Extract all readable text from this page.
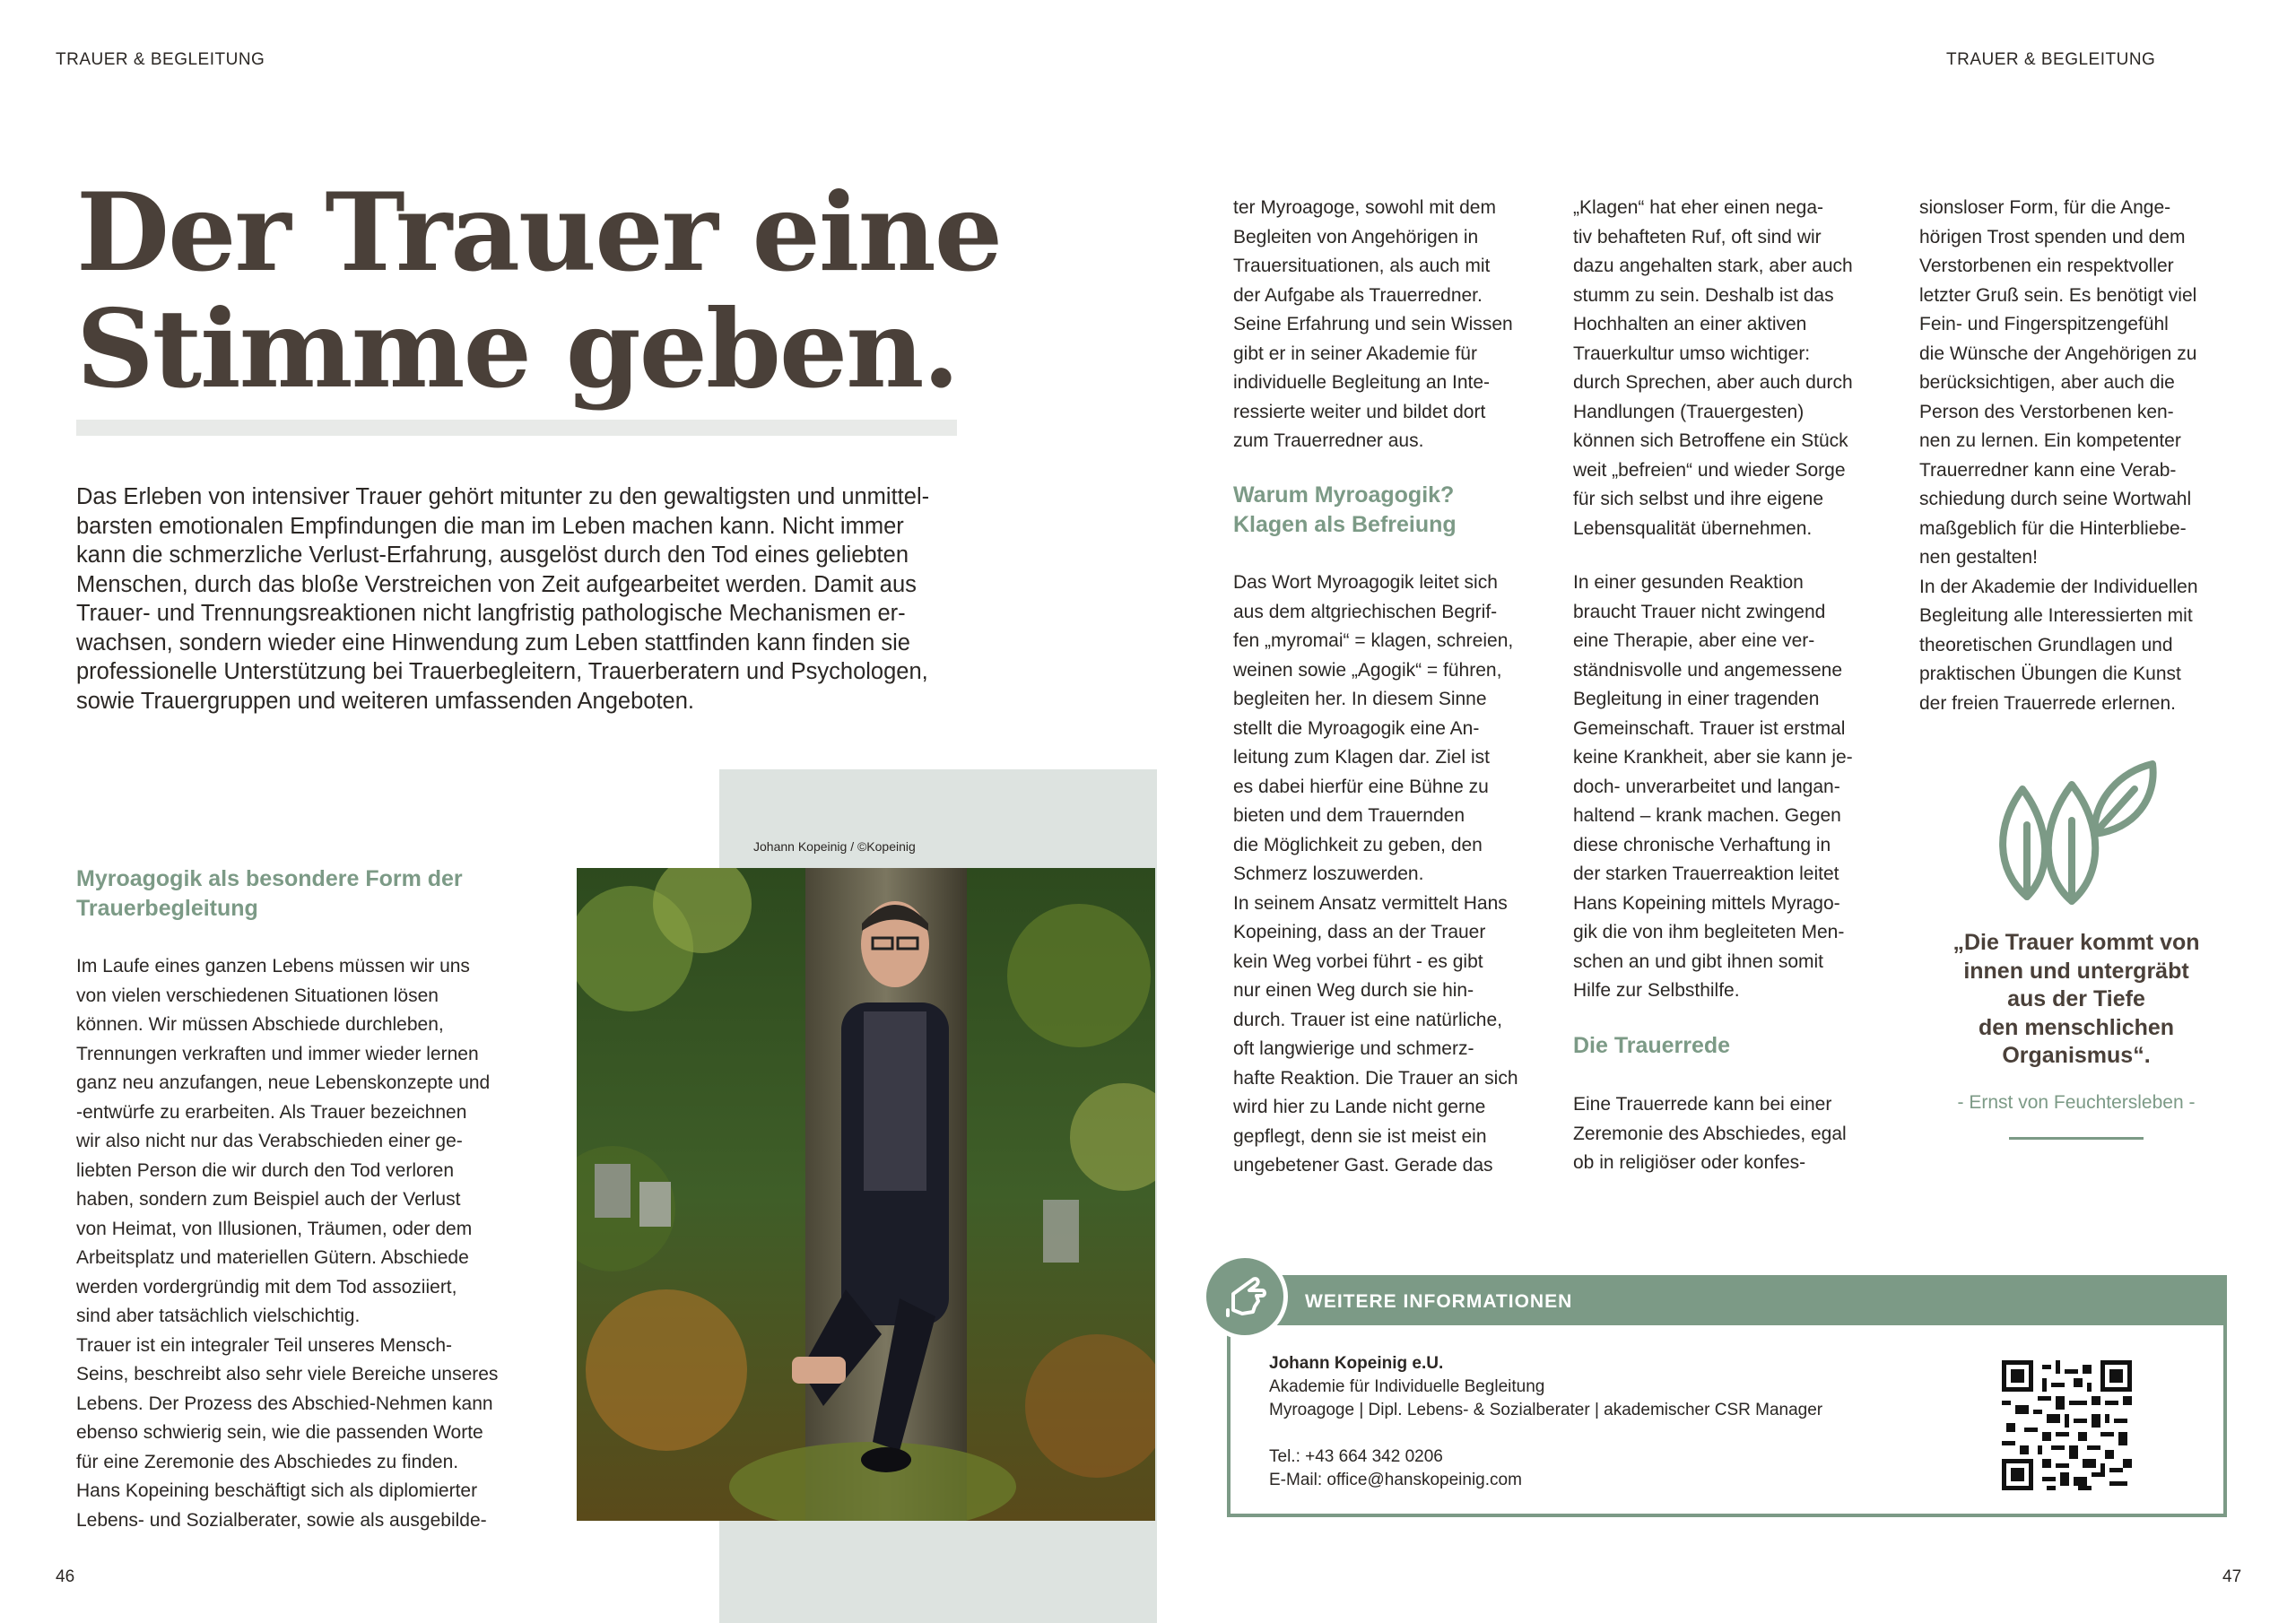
TRAUER & BEGLEITUNG	TRAUER & BEGLEITUNG
Der Trauer eine
Stimme geben.
Das Erleben von intensiver Trauer gehört mitunter zu den gewaltigsten und unmittel-
barsten emotionalen Empfindungen die man im Leben machen kann. Nicht immer
kann die schmerzliche Verlust-Erfahrung, ausgelöst durch den Tod eines geliebten
Menschen, durch das bloße Verstreichen von Zeit aufgearbeitet werden. Damit aus
Trauer- und Trennungsreaktionen nicht langfristig pathologische Mechanismen er-
wachsen, sondern wieder eine Hinwendung zum Leben stattfinden kann finden sie
professionelle Unterstützung bei Trauerbegleitern, Trauerberatern und Psychologen,
sowie Trauergruppen und weiteren umfassenden Angeboten.
Johann Kopeinig / ©Kopeinig
Myroagogik als besondere Form der
Trauerbegleitung

Im Laufe eines ganzen Lebens müssen wir uns

von vielen verschiedenen Situationen lösen

können. Wir müssen Abschiede durchleben,

Trennungen verkraften und immer wieder lernen

ganz neu anzufangen, neue Lebenskonzepte und

-entwürfe zu erarbeiten. Als Trauer bezeichnen

wir also nicht nur das Verabschieden einer ge-

liebten Person die wir durch den Tod verloren

haben, sondern zum Beispiel auch der Verlust

von Heimat, von Illusionen, Träumen, oder dem

Arbeitsplatz und materiellen Gütern. Abschiede

werden vordergründig mit dem Tod assoziiert,

sind aber tatsächlich vielschichtig.

Trauer ist ein integraler Teil unseres Mensch-

Seins, beschreibt also sehr viele Bereiche unseres

Lebens. Der Prozess des Abschied-Nehmen kann

ebenso schwierig sein, wie die passenden Worte

für eine Zeremonie des Abschiedes zu finden.

Hans Kopeining beschäftigt sich als diplomierter

Lebens- und Sozialberater, sowie als ausgebilde-

ter Myroagoge, sowohl mit dem

Begleiten von Angehörigen in

Trauersituationen, als auch mit

der Aufgabe als Trauerredner.

Seine Erfahrung und sein Wissen

gibt er in seiner Akademie für

individuelle Begleitung an Inte-

ressierte weiter und bildet dort

zum Trauerredner aus.

Warum Myroagogik?
Klagen als Befreiung

Das Wort Myroagogik leitet sich

aus dem altgriechischen Begrif-

fen „myromai“ = klagen, schreien,

weinen sowie „Agogik“ = führen,

begleiten her. In diesem Sinne

stellt die Myroagogik eine An-

leitung zum Klagen dar. Ziel ist

es dabei hierfür eine Bühne zu

bieten und dem Trauernden

die Möglichkeit zu geben, den

Schmerz loszuwerden.

In seinem Ansatz vermittelt Hans

Kopeining, dass an der Trauer

kein Weg vorbei führt - es gibt

nur einen Weg durch sie hin-

durch. Trauer ist eine natürliche,

oft langwierige und schmerz-

hafte Reaktion. Die Trauer an sich

wird hier zu Lande nicht gerne

gepflegt, denn sie ist meist ein

ungebetener Gast. Gerade das

„Klagen“ hat eher einen nega-

tiv behafteten Ruf, oft sind wir

dazu angehalten stark, aber auch

stumm zu sein. Deshalb ist das

Hochhalten an einer aktiven

Trauerkultur umso wichtiger:

durch Sprechen, aber auch durch

Handlungen (Trauergesten)

können sich Betroffene ein Stück

weit „befreien“ und wieder Sorge

für sich selbst und ihre eigene

Lebensqualität übernehmen.

In einer gesunden Reaktion

braucht Trauer nicht zwingend

eine Therapie, aber eine ver-

ständnisvolle und angemessene

Begleitung in einer tragenden

Gemeinschaft. Trauer ist erstmal

keine Krankheit, aber sie kann je-

doch- unverarbeitet und langan-

haltend – krank machen. Gegen

diese chronische Verhaftung in

der starken Trauerreaktion leitet

Hans Kopeining mittels Myrago-

gik die von ihm begleiteten Men-

schen an und gibt ihnen somit

Hilfe zur Selbsthilfe.

Die Trauerrede

Eine Trauerrede kann bei einer

Zeremonie des Abschiedes, egal

ob in religiöser oder konfes-

sionsloser Form, für die Ange-

hörigen Trost spenden und dem

Verstorbenen ein respektvoller

letzter Gruß sein. Es benötigt viel

Fein- und Fingerspitzengefühl

die Wünsche der Angehörigen zu

berücksichtigen, aber auch die

Person des Verstorbenen ken-

nen zu lernen. Ein kompetenter

Trauerredner kann eine Verab-

schiedung durch seine Wortwahl

maßgeblich für die Hinterbliebe-

nen gestalten!

In der Akademie der Individuellen

Begleitung alle Interessierten mit

theoretischen Grundlagen und

praktischen Übungen die Kunst

der freien Trauerrede erlernen.

„Die Trauer kommt von
innen und untergräbt
aus der Tiefe
den menschlichen
Organismus“.
- Ernst von Feuchtersleben -
WEITERE INFORMATIONEN
Johann Kopeinig e.U.
Akademie für Individuelle Begleitung
Myroagoge | Dipl. Lebens- & Sozialberater | akademischer CSR Manager
Tel.: +43 664 342 0206
E-Mail: office@hanskopeinig.com
46	47
